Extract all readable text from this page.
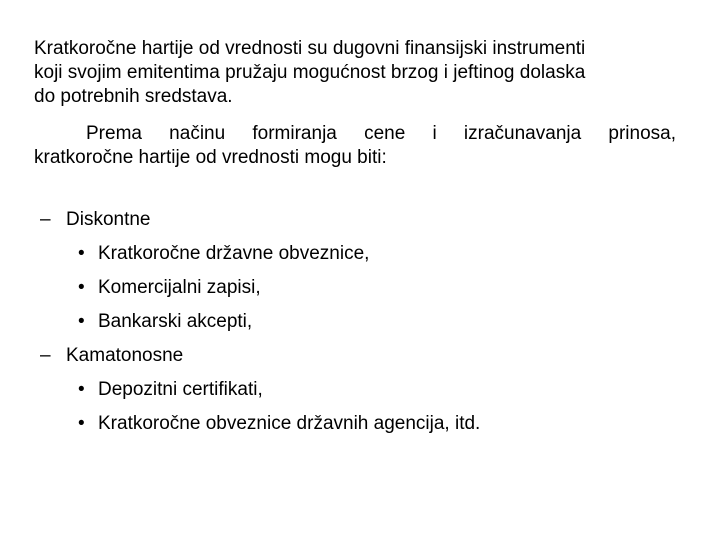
Kratkoročne hartije od vrednosti su dugovni finansijski instrumenti
koji svojim emitentima pružaju mogućnost brzog i jeftinog dolaska
do potrebnih sredstava.
Prema načinu formiranja cene i izračunavanja prinosa,
kratkoročne hartije od vrednosti mogu biti:
– Diskontne
• Kratkoročne državne obveznice,
• Komercijalni zapisi,
• Bankarski akcepti,
– Kamatonosne
• Depozitni certifikati,
• Kratkoročne obveznice državnih agencija, itd.
